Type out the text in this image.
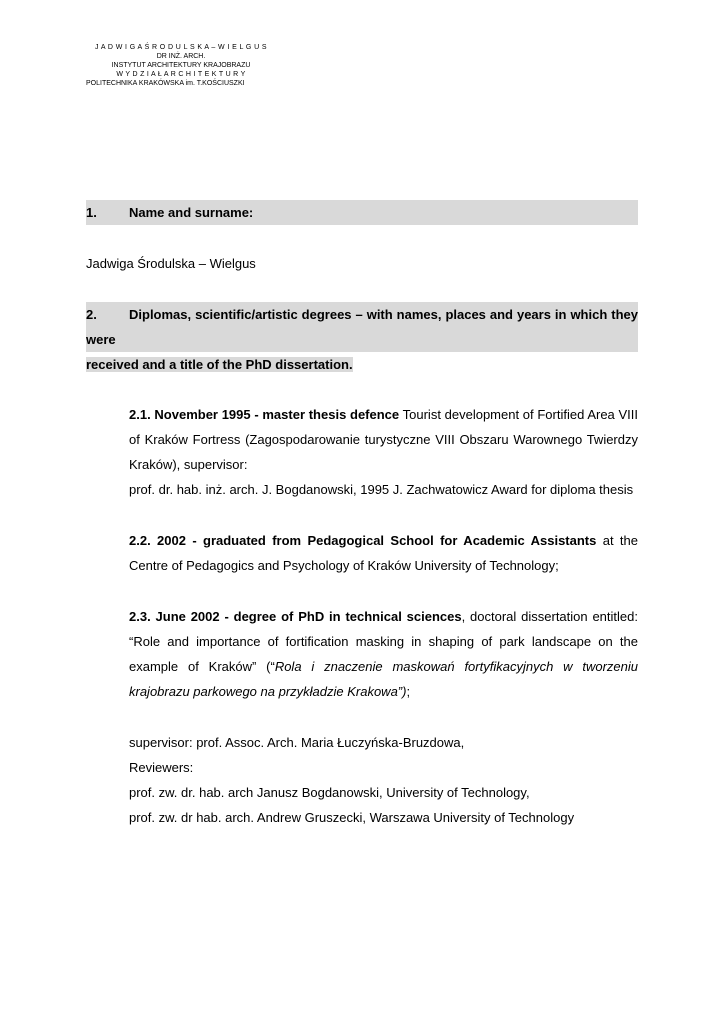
J A D W I G A Ś R O D U L S K A – W I E L G U S
DR INŻ. ARCH.
INSTYTUT ARCHITEKTURY KRAJOBRAZU
W Y D Z I A Ł A R C H I T E K T U R Y
POLITECHNIKA KRAKÓWSKA im. T.KOŚCIUSZKI
1. Name and surname:

Jadwiga Środulska – Wielgus

2. Diplomas, scientific/artistic degrees – with names, places and years in which they were
received and a title of the PhD dissertation.

2.1. November 1995 - master thesis defence Tourist development of Fortified Area VIII of Kraków Fortress (Zagospodarowanie turystyczne VIII Obszaru Warownego Twierdzy Kraków), supervisor:

prof. dr. hab. inż. arch. J. Bogdanowski, 1995 J. Zachwatowicz Award for diploma thesis

2.2. 2002 - graduated from Pedagogical School for Academic Assistants at the Centre of Pedagogics and Psychology of Kraków University of Technology;

2.3. June 2002 - degree of PhD in technical sciences, doctoral dissertation entitled: “Role and importance of fortification masking in shaping of park landscape on the example of Kraków” (“Rola i znaczenie maskowań fortyfikacyjnych w tworzeniu krajobrazu parkowego na przykładzie Krakowa”);

supervisor: prof. Assoc. Arch. Maria Łuczyńska-Bruzdowa,

Reviewers:

prof. zw. dr. hab. arch Janusz Bogdanowski, University of Technology,

prof. zw. dr hab. arch. Andrew Gruszecki, Warszawa University of Technology
